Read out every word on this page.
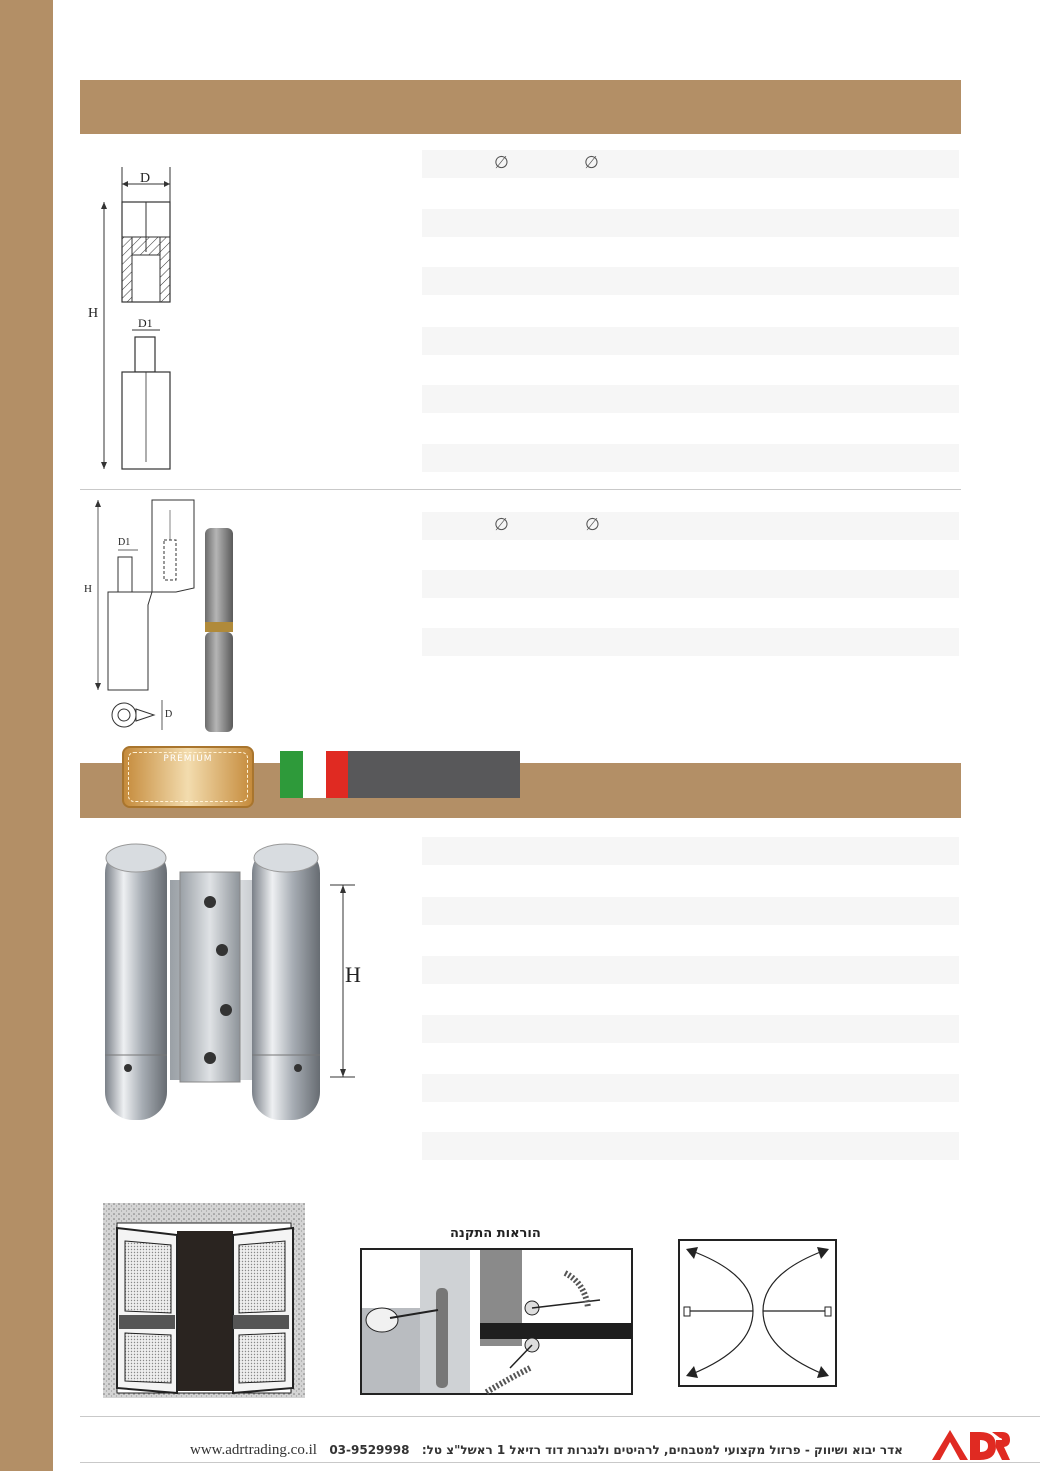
D
H
D1
∅	∅
H
D1
D
∅	∅
PREMIUM
H
הוראות התקנה
www.adrtrading.co.il 03-9529998 אדר יבוא ושיווק - פרזול מקצועי למטבחים, לרהיטים ולנגרות דוד רזיאל 1 ראשל"צ טל:
ADR
